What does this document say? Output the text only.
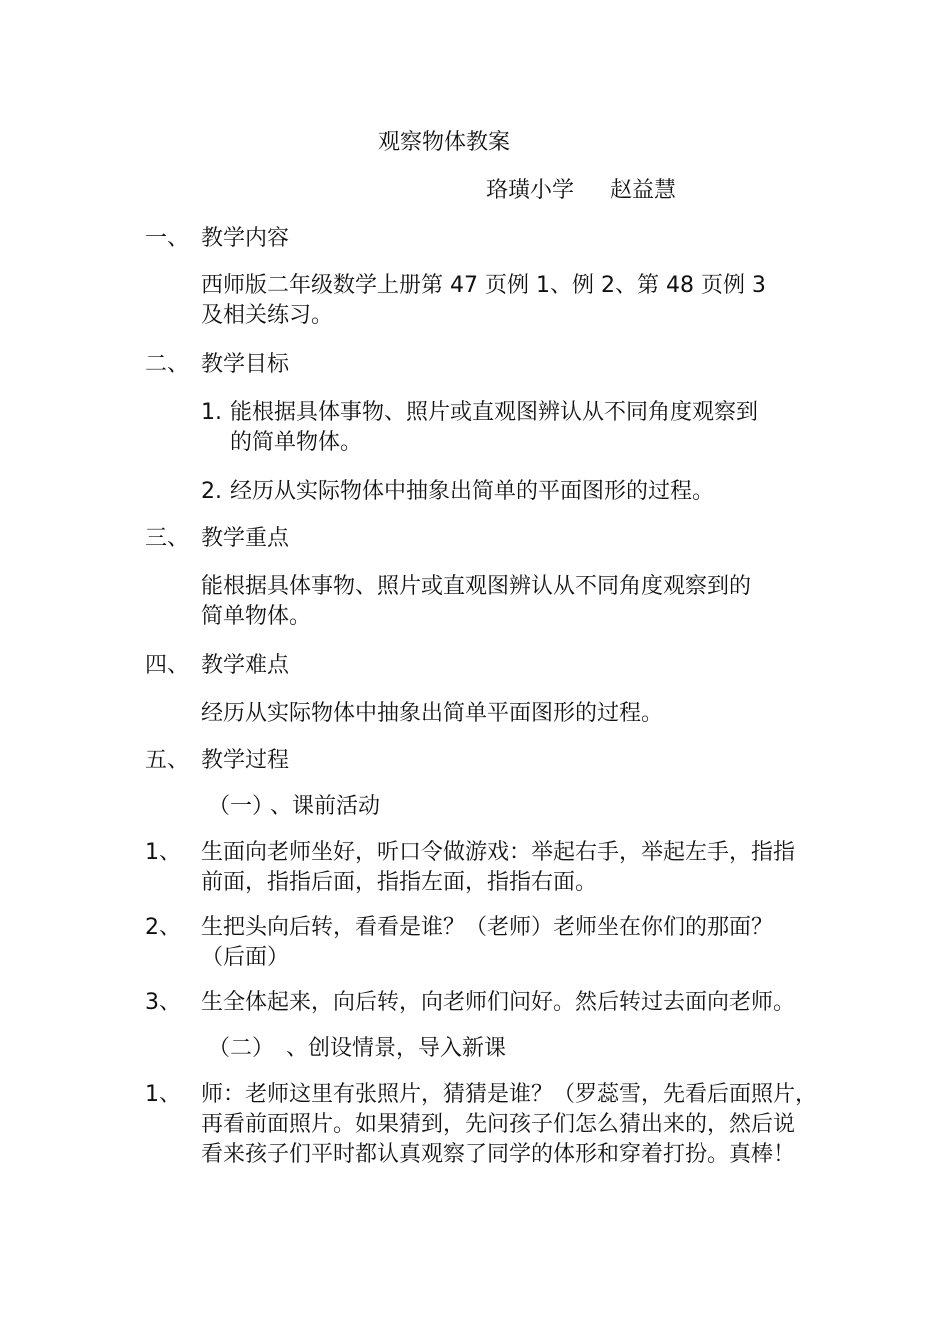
观察物体教案
珞璜小学 赵益慧
一、 教学内容
西师版二年级数学上册第 47 页例 1、例 2、第 48 页例 3
及相关练习。
二、 教学目标
1. 能根据具体事物、照片或直观图辨认从不同角度观察到
的简单物体。
2. 经历从实际物体中抽象出简单的平面图形的过程。
三、 教学重点
能根据具体事物、照片或直观图辨认从不同角度观察到的
简单物体。
四、 教学难点
经历从实际物体中抽象出简单平面图形的过程。
五、 教学过程
（一）
、课前活动
1、 生面向老师坐好，听口令做游戏：举起右手，举起左手，指指
前面，指指后面，指指左面，指指右面。
2、 生把头向后转，看看是谁？（老师）老师坐在你们的那面？
（后面）
3、 生全体起来，向后转，向老师们问好。然后转过去面向老师。
（二） 、创设情景，导入新课
1、 师：老师这里有张照片，猜猜是谁？（罗蕊雪，先看后面照片，
再看前面照片。如果猜到，先问孩子们怎么猜出来的，然后说
看来孩子们平时都认真观察了同学的体形和穿着打扮。真棒！
